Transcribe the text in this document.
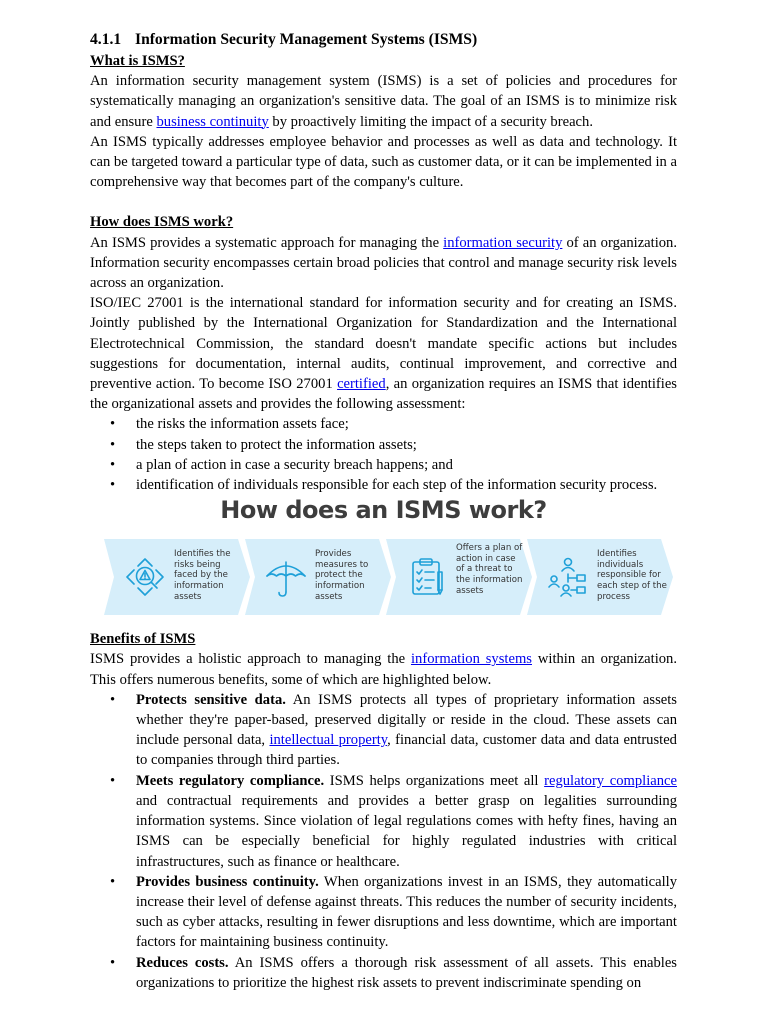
4.1.1 Information Security Management Systems (ISMS)
What is ISMS?

An information security management system (ISMS) is a set of policies and procedures for systematically managing an organization's sensitive data. The goal of an ISMS is to minimize risk and ensure business continuity by proactively limiting the impact of a security breach.

An ISMS typically addresses employee behavior and processes as well as data and technology. It can be targeted toward a particular type of data, such as customer data, or it can be implemented in a comprehensive way that becomes part of the company's culture.

How does ISMS work?

An ISMS provides a systematic approach for managing the information security of an organization. Information security encompasses certain broad policies that control and manage security risk levels across an organization.

ISO/IEC 27001 is the international standard for information security and for creating an ISMS. Jointly published by the International Organization for Standardization and the International Electrotechnical Commission, the standard doesn't mandate specific actions but includes suggestions for documentation, internal audits, continual improvement, and corrective and preventive action. To become ISO 27001 certified, an organization requires an ISMS that identifies the organizational assets and provides the following assessment:

• the risks the information assets face;
• the steps taken to protect the information assets;
• a plan of action in case a security breach happens; and
• identification of individuals responsible for each step of the information security process.
How does an ISMS work?
Identifies the risks being faced by the information assets
Provides measures to protect the information assets
Offers a plan of action in case of a threat to the information assets
Identifies individuals responsible for each step of the process
Benefits of ISMS

ISMS provides a holistic approach to managing the information systems within an organization. This offers numerous benefits, some of which are highlighted below.

• Protects sensitive data. An ISMS protects all types of proprietary information assets whether they're paper-based, preserved digitally or reside in the cloud. These assets can include personal data, intellectual property, financial data, customer data and data entrusted to companies through third parties.
• Meets regulatory compliance. ISMS helps organizations meet all regulatory compliance and contractual requirements and provides a better grasp on legalities surrounding information systems. Since violation of legal regulations comes with hefty fines, having an ISMS can be especially beneficial for highly regulated industries with critical infrastructures, such as finance or healthcare.
• Provides business continuity. When organizations invest in an ISMS, they automatically increase their level of defense against threats. This reduces the number of security incidents, such as cyber attacks, resulting in fewer disruptions and less downtime, which are important factors for maintaining business continuity.
• Reduces costs. An ISMS offers a thorough risk assessment of all assets. This enables organizations to prioritize the highest risk assets to prevent indiscriminate spending on
